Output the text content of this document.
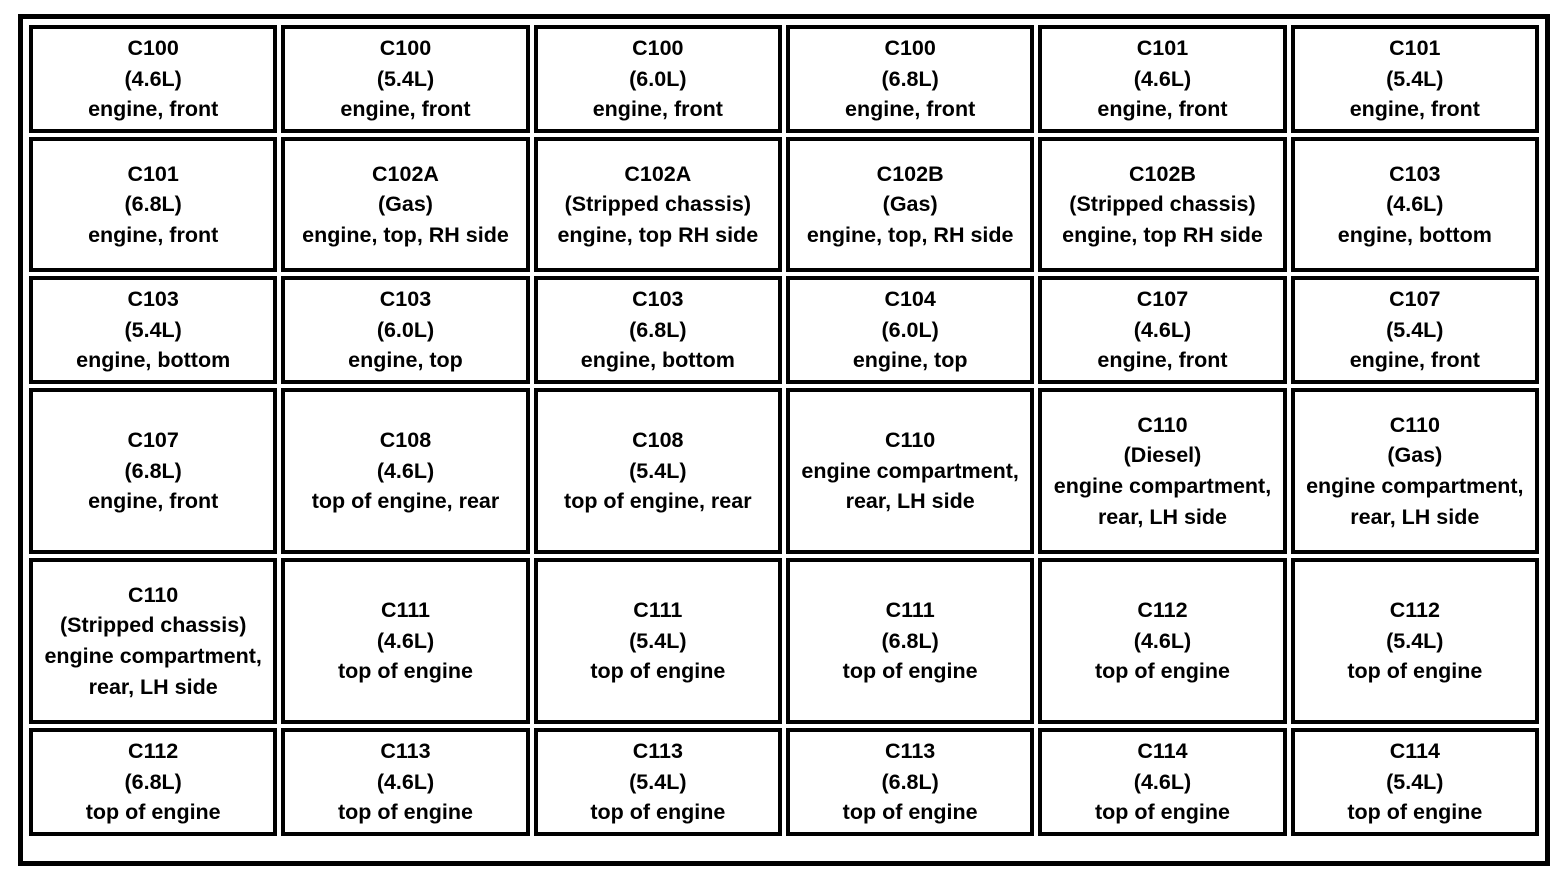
C100
(4.6L)
engine, front
C100
(5.4L)
engine, front
C100
(6.0L)
engine, front
C100
(6.8L)
engine, front
C101
(4.6L)
engine, front
C101
(5.4L)
engine, front
C101
(6.8L)
engine, front
C102A
(Gas)
engine, top, RH side
C102A
(Stripped chassis)
engine, top RH side
C102B
(Gas)
engine, top, RH side
C102B
(Stripped chassis)
engine, top RH side
C103
(4.6L)
engine, bottom
C103
(5.4L)
engine, bottom
C103
(6.0L)
engine, top
C103
(6.8L)
engine, bottom
C104
(6.0L)
engine, top
C107
(4.6L)
engine, front
C107
(5.4L)
engine, front
C107
(6.8L)
engine, front
C108
(4.6L)
top of engine, rear
C108
(5.4L)
top of engine, rear
C110
engine compartment, rear, LH side
C110
(Diesel)
engine compartment, rear, LH side
C110
(Gas)
engine compartment, rear, LH side
C110
(Stripped chassis)
engine compartment, rear, LH side
C111
(4.6L)
top of engine
C111
(5.4L)
top of engine
C111
(6.8L)
top of engine
C112
(4.6L)
top of engine
C112
(5.4L)
top of engine
C112
(6.8L)
top of engine
C113
(4.6L)
top of engine
C113
(5.4L)
top of engine
C113
(6.8L)
top of engine
C114
(4.6L)
top of engine
C114
(5.4L)
top of engine
